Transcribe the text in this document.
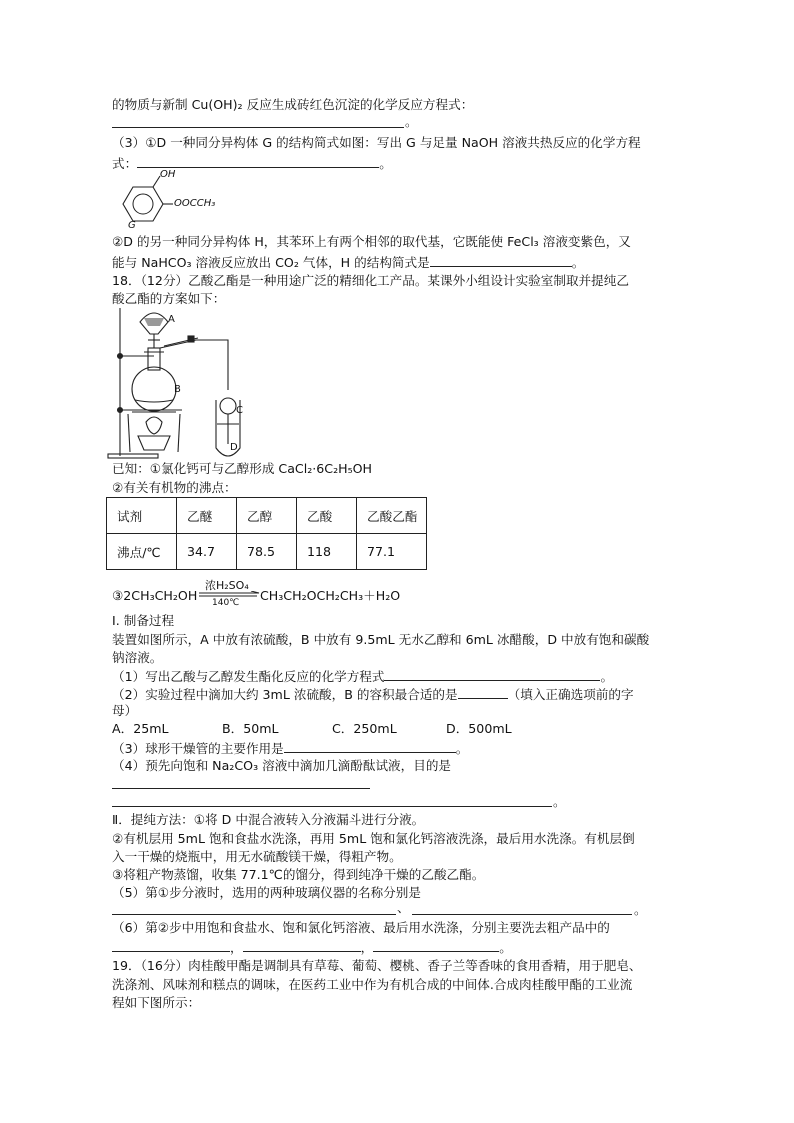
的物质与新制 Cu(OH)₂ 反应生成砖红色沉淀的化学反应方程式：
。
（3）①D 一种同分异构体 G 的结构简式如图：写出 G 与足量 NaOH 溶液共热反应的化学方程
式：	。
OH
OOCCH₃
G
②D 的另一种同分异构体 H，其苯环上有两个相邻的取代基，它既能使 FeCl₃ 溶液变紫色，又
能与 NaHCO₃ 溶液反应放出 CO₂ 气体，H 的结构简式是	。
18．（12分）乙酸乙酯是一种用途广泛的精细化工产品。某课外小组设计实验室制取并提纯乙
酸乙酯的方案如下：
A
B
C
D
已知：①氯化钙可与乙醇形成 CaCl₂·6C₂H₅OH
②有关有机物的沸点：
试剂	乙醚	乙醇	乙酸	乙酸乙酯
沸点/℃	34.7	78.5	118	77.1
③2CH₃CH₂OH
浓H₂SO₄
140℃ CH₃CH₂OCH₂CH₃＋H₂O
Ⅰ. 制备过程
装置如图所示，A 中放有浓硫酸，B 中放有 9.5mL 无水乙醇和 6mL 冰醋酸，D 中放有饱和碳酸
钠溶液。
（1）写出乙酸与乙醇发生酯化反应的化学方程式	。
（2）实验过程中滴加大约 3mL 浓硫酸，B 的容积最合适的是	（填入正确选项前的字
母）
A．25mL	B．50mL	C．250mL	D．500mL
（3）球形干燥管的主要作用是	。
（4）预先向饱和 Na₂CO₃ 溶液中滴加几滴酚酞试液，目的是
。
Ⅱ．提纯方法：①将 D 中混合液转入分液漏斗进行分液。
②有机层用 5mL 饱和食盐水洗涤，再用 5mL 饱和氯化钙溶液洗涤，最后用水洗涤。有机层倒
入一干燥的烧瓶中，用无水硫酸镁干燥，得粗产物。
③将粗产物蒸馏，收集 77.1℃的馏分，得到纯净干燥的乙酸乙酯。
（5）第①步分液时，选用的两种玻璃仪器的名称分别是
、	。
（6）第②步中用饱和食盐水、饱和氯化钙溶液、最后用水洗涤，分别主要洗去粗产品中的
，	，	。
19．（16分）肉桂酸甲酯是调制具有草莓、葡萄、樱桃、香子兰等香味的食用香精，用于肥皂、
洗涤剂、风味剂和糕点的调味，在医药工业中作为有机合成的中间体.合成肉桂酸甲酯的工业流
程如下图所示：
